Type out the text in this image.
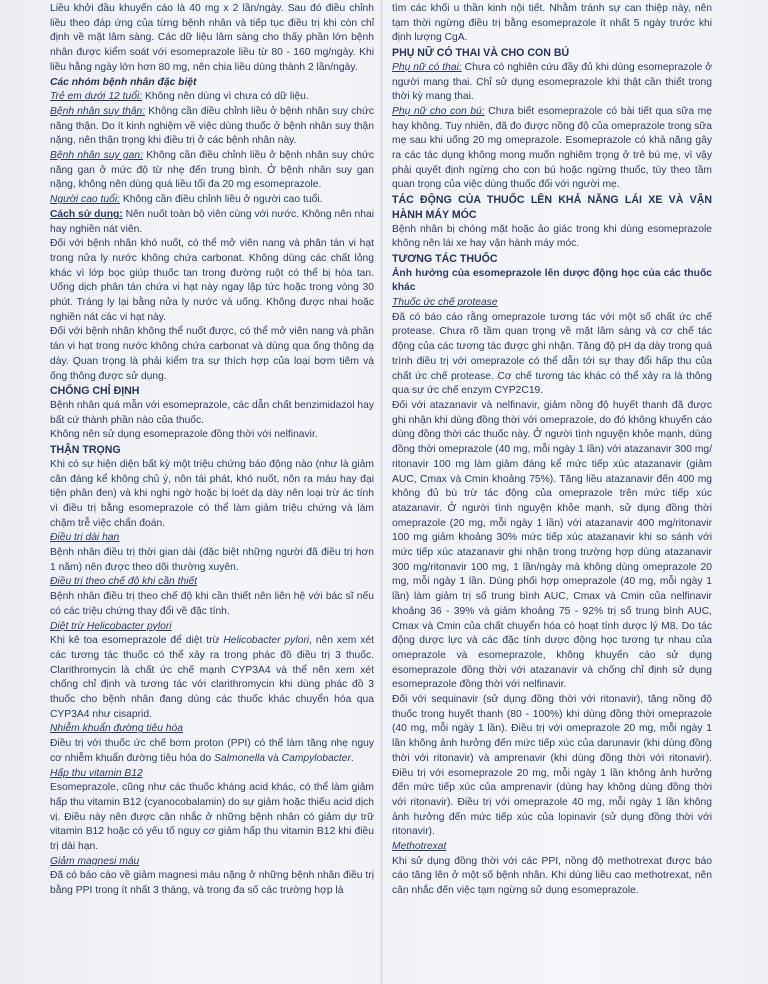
Liều khởi đầu khuyến cáo là 40 mg x 2 lần/ngày. Sau đó điều chỉnh liều theo đáp ứng của từng bệnh nhân và tiếp tục điều trị khi còn chỉ định về mặt lâm sàng. Các dữ liệu lâm sàng cho thấy phần lớn bệnh nhân được kiểm soát với esomeprazole liều từ 80 - 160 mg/ngày. Khi liều hằng ngày lớn hơn 80 mg, nên chia liều dùng thành 2 lần/ngày.

Các nhóm bệnh nhân đặc biệt

Trẻ em dưới 12 tuổi: Không nên dùng vì chưa có dữ liệu.

Bệnh nhân suy thận: Không cần điều chỉnh liều ở bệnh nhân suy chức năng thận. Do ít kinh nghiệm về việc dùng thuốc ở bệnh nhân suy thận nặng, nên thận trọng khi điều trị ở các bệnh nhân này.

Bệnh nhân suy gan: Không cần điều chỉnh liều ở bệnh nhân suy chức năng gan ở mức độ từ nhẹ đến trung bình. Ở bệnh nhân suy gan nặng, không nên dùng quá liều tối đa 20 mg esomeprazole.

Người cao tuổi: Không cần điều chỉnh liều ở người cao tuổi.

Cách sử dụng: Nên nuốt toàn bộ viên cùng với nước. Không nên nhai hay nghiền nát viên.

Đối với bệnh nhân khó nuốt, có thể mở viên nang và phân tán vi hạt trong nửa ly nước không chứa carbonat. Không dùng các chất lỏng khác vì lớp bọc giúp thuốc tan trong đường ruột có thể bị hòa tan. Uống dịch phân tán chứa vi hạt này ngay lập tức hoặc trong vòng 30 phút. Tráng ly lại bằng nửa ly nước và uống. Không được nhai hoặc nghiền nát các vi hạt này.

Đối với bệnh nhân không thể nuốt được, có thể mở viên nang và phân tán vi hạt trong nước không chứa carbonat và dùng qua ống thông dạ dày. Quan trọng là phải kiểm tra sự thích hợp của loại bơm tiêm và ống thông được sử dụng.

CHỐNG CHỈ ĐỊNH

Bệnh nhân quá mẫn với esomeprazole, các dẫn chất benzimidazol hay bất cứ thành phần nào của thuốc.

Không nên sử dụng esomeprazole đồng thời với nelfinavir.

THẬN TRỌNG

Khi có sự hiện diện bất kỳ một triệu chứng báo động nào (như là giảm cân đáng kể không chủ ý, nôn tái phát, khó nuốt, nôn ra máu hay đại tiện phân đen) và khi nghi ngờ hoặc bị loét dạ dày nên loại trừ ác tính vì điều trị bằng esomeprazole có thể làm giảm triệu chứng và làm chậm trễ việc chẩn đoán.

Điều trị dài hạn

Bệnh nhân điều trị thời gian dài (đặc biệt những người đã điều trị hơn 1 năm) nên được theo dõi thường xuyên.

Điều trị theo chế độ khi cần thiết

Bệnh nhân điều trị theo chế độ khi cần thiết nên liên hệ với bác sĩ nếu có các triệu chứng thay đổi về đặc tính.

Diệt trừ Helicobacter pylori

Khi kê toa esomeprazole để diệt trừ Helicobacter pylori, nên xem xét các tương tác thuốc có thể xảy ra trong phác đồ điều trị 3 thuốc. Clarithromycin là chất ức chế mạnh CYP3A4 và thể nên xem xét chống chỉ định và tương tác với clarithromycin khi dùng phác đồ 3 thuốc cho bệnh nhân đang dùng các thuốc khác chuyển hóa qua CYP3A4 như cisaprid.

Nhiễm khuẩn đường tiêu hóa

Điều trị với thuốc ức chế bơm proton (PPI) có thể làm tăng nhẹ nguy cơ nhiễm khuẩn đường tiêu hóa do Salmonella và Campylobacter.

Hấp thu vitamin B12

Esomeprazole, cũng như các thuốc kháng acid khác, có thể làm giảm hấp thu vitamin B12 (cyanocobalamin) do sự giảm hoặc thiếu acid dịch vị. Điều này nên được cân nhắc ở những bệnh nhân có giảm dự trữ vitamin B12 hoặc có yếu tố nguy cơ giảm hấp thu vitamin B12 khi điều trị dài hạn.

Giảm magnesi máu

Đã có báo cáo về giảm magnesi máu nặng ở những bệnh nhân điều trị bằng PPI trong ít nhất 3 tháng, và trong đa số các trường hợp là

tìm các khối u thần kinh nội tiết. Nhằm tránh sự can thiệp này, nên tạm thời ngừng điều trị bằng esomeprazole ít nhất 5 ngày trước khi định lượng CgA.

PHỤ NỮ CÓ THAI VÀ CHO CON BÚ

Phụ nữ có thai: Chưa có nghiên cứu đầy đủ khi dùng esomeprazole ở người mang thai. Chỉ sử dụng esomeprazole khi thật cần thiết trong thời kỳ mang thai.

Phụ nữ cho con bú: Chưa biết esomeprazole có bài tiết qua sữa mẹ hay không. Tuy nhiên, đã đo được nồng độ của omeprazole trong sữa mẹ sau khi uống 20 mg omeprazole. Esomeprazole có khả năng gây ra các tác dụng không mong muốn nghiêm trọng ở trẻ bú mẹ, vì vậy phải quyết định ngừng cho con bú hoặc ngừng thuốc, tùy theo tầm quan trọng của việc dùng thuốc đối với người mẹ.

TÁC ĐỘNG CỦA THUỐC LÊN KHẢ NĂNG LÁI XE VÀ VẬN HÀNH MÁY MÓC

Bệnh nhân bị chóng mặt hoặc ảo giác trong khi dùng esomeprazole không nên lái xe hay vận hành máy móc.

TƯƠNG TÁC THUỐC

Ảnh hưởng của esomeprazole lên dược động học của các thuốc khác

Thuốc ức chế protease

Đã có báo cáo rằng omeprazole tương tác với một số chất ức chế protease. Chưa rõ tầm quan trọng về mặt lâm sàng và cơ chế tác động của các tương tác được ghi nhận. Tăng độ pH dạ dày trong quá trình điều trị với omeprazole có thể dẫn tới sự thay đổi hấp thu của chất ức chế protease. Cơ chế tương tác khác có thể xảy ra là thông qua sự ức chế enzym CYP2C19.

Đối với atazanavir và nelfinavir, giảm nồng độ huyết thanh đã được ghi nhận khi dùng đồng thời với omeprazole, do đó không khuyến cáo dùng đồng thời các thuốc này. Ở người tình nguyện khỏe mạnh, dùng đồng thời omeprazole (40 mg, mỗi ngày 1 lần) với atazanavir 300 mg/ ritonavir 100 mg làm giảm đáng kể mức tiếp xúc atazanavir (giảm AUC, Cmax và Cmin khoảng 75%). Tăng liều atazanavir đến 400 mg không đủ bù trừ tác động của omeprazole trên mức tiếp xúc atazanavir. Ở người tình nguyện khỏe mạnh, sử dụng đồng thời omeprazole (20 mg, mỗi ngày 1 lần) với atazanavir 400 mg/ritonavir 100 mg giảm khoảng 30% mức tiếp xúc atazanavir khi so sánh với mức tiếp xúc atazanavir ghi nhận trong trường hợp dùng atazanavir 300 mg/ritonavir 100 mg, 1 lần/ngày mà không dùng omeprazole 20 mg, mỗi ngày 1 lần. Dùng phối hợp omeprazole (40 mg, mỗi ngày 1 lần) làm giảm trị số trung bình AUC, Cmax và Cmin của nelfinavir khoảng 36 - 39% và giảm khoảng 75 - 92% trị số trung bình AUC, Cmax và Cmin của chất chuyển hóa có hoạt tính dược lý M8. Do tác động dược lực và các đặc tính dược động học tương tự nhau của omeprazole và esomeprazole, không khuyến cáo sử dụng esomeprazole đồng thời với atazanavir và chống chỉ định sử dụng esomeprazole đồng thời với nelfinavir.

Đối với sequinavir (sử dụng đồng thời với ritonavir), tăng nồng độ thuốc trong huyết thanh (80 - 100%) khi dùng đồng thời omeprazole (40 mg, mỗi ngày 1 lần). Điều trị với omeprazole 20 mg, mỗi ngày 1 lần không ảnh hưởng đến mức tiếp xúc của darunavir (khi dùng đồng thời với ritonavir) và amprenavir (khi dùng đồng thời với ritonavir). Điều trị với esomeprazole 20 mg, mỗi ngày 1 lần không ảnh hưởng đến mức tiếp xúc của amprenavir (dùng hay không dùng đồng thời với ritonavir). Điều trị với omeprazole 40 mg, mỗi ngày 1 lần không ảnh hưởng đến mức tiếp xúc của lopinavir (sử dụng đồng thời với ritonavir).

Methotrexat

Khi sử dụng đồng thời với các PPI, nồng độ methotrexat được báo cáo tăng lên ở một số bệnh nhân. Khi dùng liều cao methotrexat, nên cân nhắc đến việc tạm ngừng sử dụng esomeprazole.
